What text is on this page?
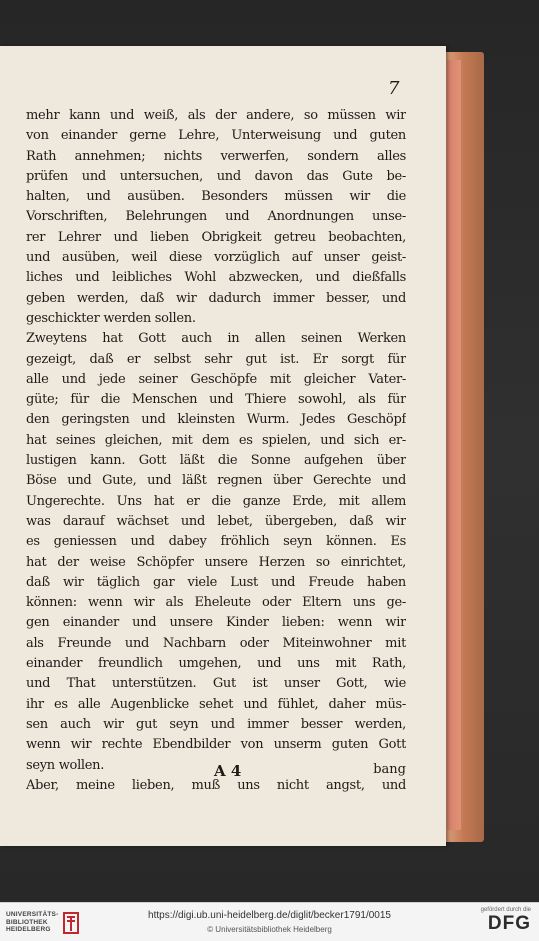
7
mehr kann und weiß, als der andere, so müssen wir
von einander gerne Lehre, Unterweisung und guten
Rath annehmen; nichts verwerfen, sondern alles
prüfen und untersuchen, und davon das Gute be-
halten, und ausüben. Besonders müssen wir die
Vorschriften, Belehrungen und Anordnungen unse-
rer Lehrer und lieben Obrigkeit getreu beobachten,
und ausüben, weil diese vorzüglich auf unser geist-
liches und leibliches Wohl abzwecken, und dießfalls
geben werden, daß wir dadurch immer besser, und
geschickter werden sollen.
Zweytens hat Gott auch in allen seinen Werken
gezeigt, daß er selbst sehr gut ist. Er sorgt für
alle und jede seiner Geschöpfe mit gleicher Vater-
güte; für die Menschen und Thiere sowohl, als für
den geringsten und kleinsten Wurm. Jedes Geschöpf
hat seines gleichen, mit dem es spielen, und sich er-
lustigen kann. Gott läßt die Sonne aufgehen über
Böse und Gute, und läßt regnen über Gerechte und
Ungerechte. Uns hat er die ganze Erde, mit allem
was darauf wächset und lebet, übergeben, daß wir
es geniessen und dabey fröhlich seyn können. Es
hat der weise Schöpfer unsere Herzen so einrichtet,
daß wir täglich gar viele Lust und Freude haben
können: wenn wir als Eheleute oder Eltern uns ge-
gen einander und unsere Kinder lieben: wenn wir
als Freunde und Nachbarn oder Miteinwohner mit
einander freundlich umgehen, und uns mit Rath,
und That unterstützen. Gut ist unser Gott, wie
ihr es alle Augenblicke sehet und fühlet, daher müs-
sen auch wir gut seyn und immer besser werden,
wenn wir rechte Ebendbilder von unserm guten Gott
seyn wollen.
Aber, meine lieben, muß uns nicht angst, und
A 4	bang
UNIVERSITÄTS-
BIBLIOTHEK
HEIDELBERG
https://digi.ub.uni-heidelberg.de/diglit/becker1791/0015
© Universitätsbibliothek Heidelberg
gefördert durch die
DFG
